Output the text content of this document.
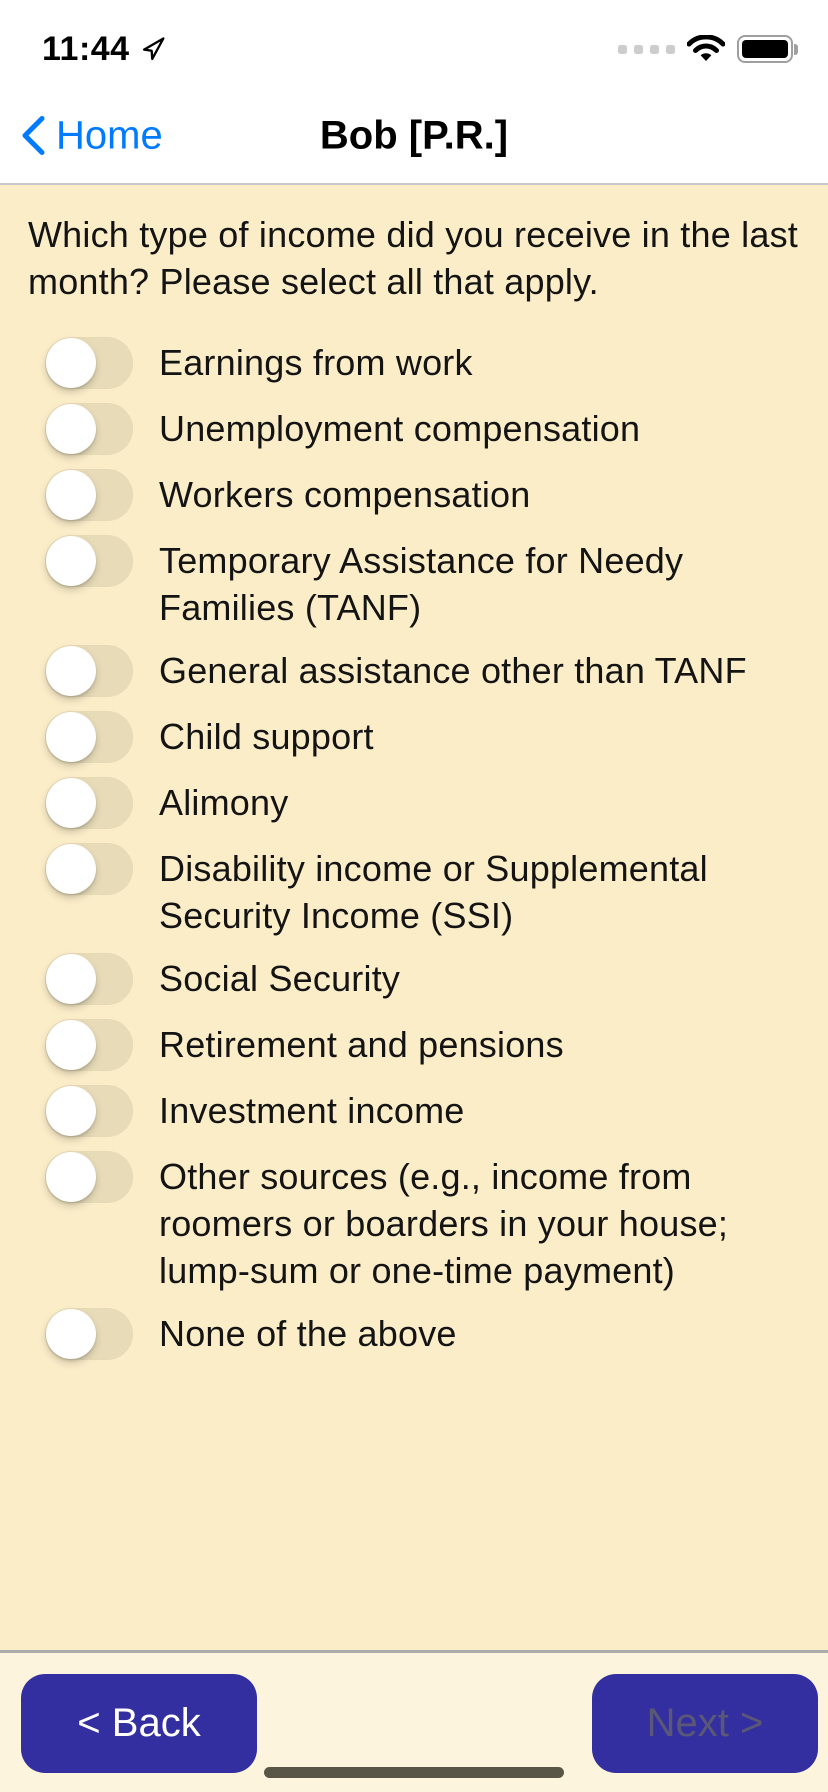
11:44
Home	Bob [P.R.]

Which type of income did you receive in the last month? Please select all that apply.

Earnings from work
Unemployment compensation
Workers compensation
Temporary Assistance for Needy Families (TANF)
General assistance other than TANF
Child support
Alimony
Disability income or Supplemental Security Income (SSI)
Social Security
Retirement and pensions
Investment income
Other sources (e.g., income from roomers or boarders in your house; lump-sum or one-time payment)
None of the above
< Back	Next >
